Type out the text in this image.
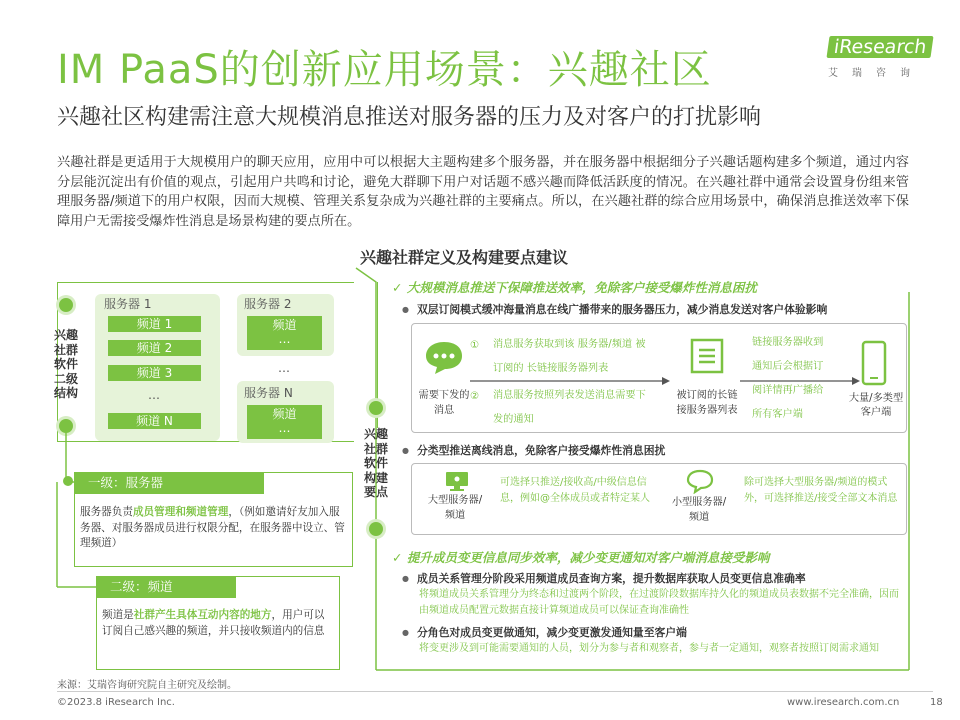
IM PaaS的创新应用场景：兴趣社区
兴趣社区构建需注意大规模消息推送对服务器的压力及对客户的打扰影响
iResearch
艾瑞咨询
兴趣社群是更适用于大规模用户的聊天应用，应用中可以根据大主题构建多个服务器，并在服务器中根据细分子兴趣话题构建多个频道，通过内容分层能沉淀出有价值的观点，引起用户共鸣和讨论，避免大群聊下用户对话题不感兴趣而降低活跃度的情况。在兴趣社群中通常会设置身份组来管理服务器/频道下的用户权限，因而大规模、管理关系复杂成为兴趣社群的主要痛点。所以，在兴趣社群的综合应用场景中，确保消息推送效率下保障用户无需接受爆炸性消息是场景构建的要点所在。
兴趣社群定义及构建要点建议
兴趣
社群
软件
二级
结构
服务器 1
频道 1
频道 2
频道 3
…
频道 N
服务器 2
频道
…
…
服务器 N
频道
…
一级：服务器
服务器负责成员管理和频道管理，（例如邀请好友加入服务器、对服务器成员进行权限分配，在服务器中设立、管理频道）
二级：频道
频道是社群产生具体互动内容的地方，用户可以订阅自己感兴趣的频道，并只接收频道内的信息
兴趣
社群
软件
构建
要点
✓ 大规模消息推送下保障推送效率，免除客户接受爆炸性消息困扰
● 双层订阅模式缓冲海量消息在线广播带来的服务器压力，减少消息发送对客户体验影响
需要下发的消息
① 消息服务获取到该 服务器/频道 被
订阅的 长链接服务器列表
② 消息服务按照列表发送消息需要下
发的通知
被订阅的长链接服务器列表
链接服务器收到
通知后会根据订
阅详情再广播给
所有客户端
大量/多类型客户端
● 分类型推送离线消息，免除客户接受爆炸性消息困扰
大型服务器/频道
可选择只推送/接收高/中级信息信息，例如@全体成员或者特定某人	小型服务器/频道
除可选择大型服务器/频道的模式外，可选择推送/接受全部文本消息
✓ 提升成员变更信息同步效率，减少变更通知对客户端消息接受影响
● 成员关系管理分阶段采用频道成员查询方案，提升数据库获取人员变更信息准确率
将频道成员关系管理分为终态和过渡两个阶段，在过渡阶段数据库持久化的频道成员表数据不完全准确，因而由频道成员配置元数据直接计算频道成员可以保证查询准确性
● 分角色对成员变更做通知，减少变更激发通知量至客户端
将变更涉及到可能需要通知的人员，划分为参与者和观察者，参与者一定通知，观察者按照订阅需求通知
来源：艾瑞咨询研究院自主研究及绘制。
©2023.8 iResearch Inc.	www.iresearch.com.cn	18
